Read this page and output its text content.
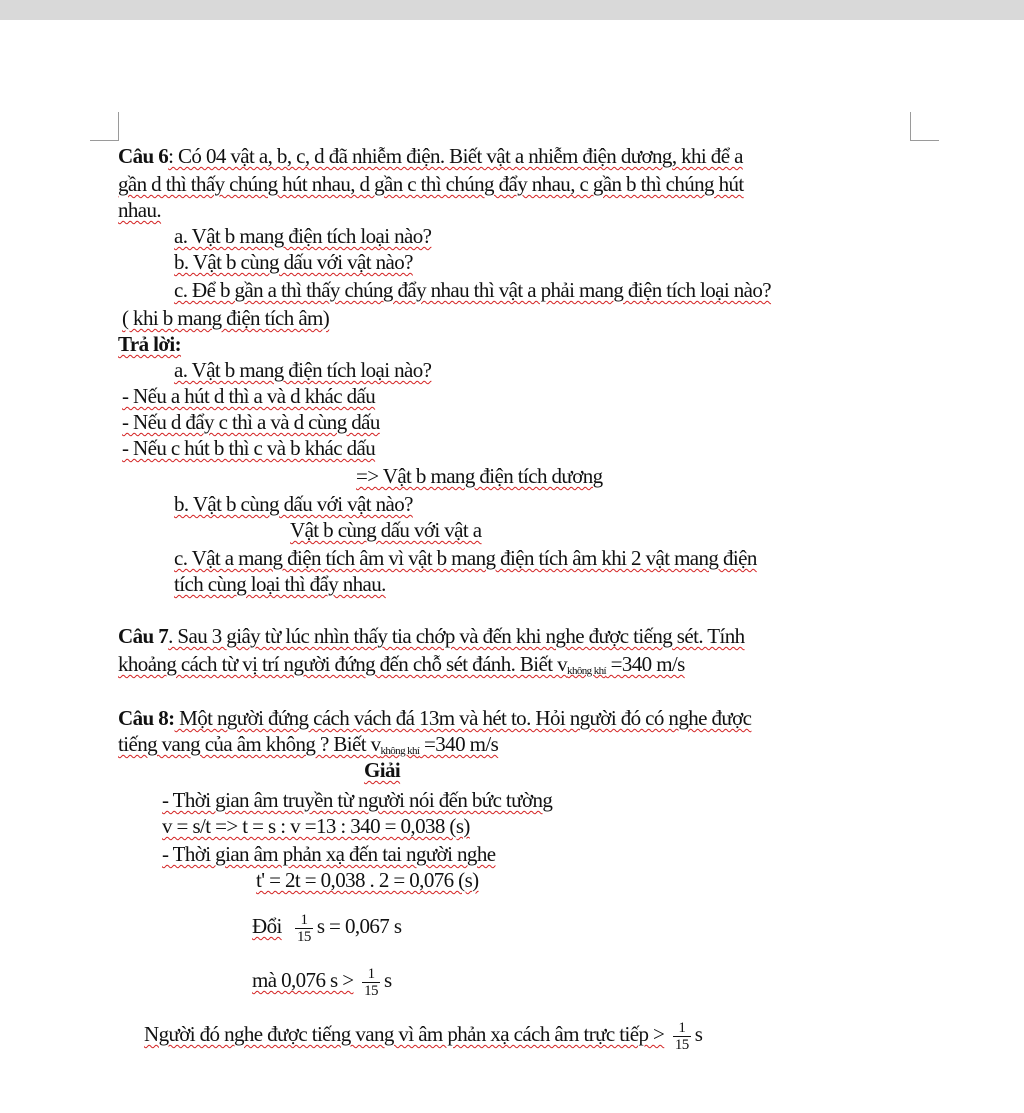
Câu 6: Có 04 vật a, b, c, d đã nhiễm điện. Biết vật a nhiễm điện dương, khi để a
gần d thì thấy chúng hút nhau, d gần c thì chúng đẩy nhau, c gần b thì chúng hút
nhau.
a. Vật b mang điện tích loại nào?
b. Vật b cùng dấu với vật nào?
c. Để b gần a thì thấy chúng đẩy nhau thì vật a phải mang điện tích loại nào?
( khi b mang điện tích âm)
Trả lời:
a. Vật b mang điện tích loại nào?
- Nếu a hút d thì a và d khác dấu
- Nếu d đẩy c thì a và d cùng dấu
- Nếu c hút b thì c và b khác dấu
=> Vật b mang điện tích dương
b. Vật b cùng dấu với vật nào?
Vật b cùng dấu với vật a
c. Vật a mang điện tích âm vì vật b mang điện tích âm khi 2 vật mang điện
tích cùng loại thì đẩy nhau.
Câu 7. Sau 3 giây từ lúc nhìn thấy tia chớp và đến khi nghe được tiếng sét. Tính
khoảng cách từ vị trí người đứng đến chỗ sét đánh. Biết $v_{không khí} =340$ m/s
Câu 8: Một người đứng cách vách đá 13m và hét to. Hỏi người đó có nghe được
tiếng vang của âm không ? Biết $v_{không khí} =340$ m/s
Giải
- Thời gian âm truyền từ người nói đến bức tường
v = s/t => t = s : v =13 : 340 = 0,038 (s)
- Thời gian âm phản xạ đến tai người nghe
t' = 2t = 0,038 . 2 = 0,076 (s)
Đổi $\frac{1}{15}$ s = 0,067 s
mà 0,076 $s > \frac{1}{15}$ s
Người đó nghe được tiếng vang vì âm phản xạ cách âm trực tiếp > $\frac{1}{15}$ s
